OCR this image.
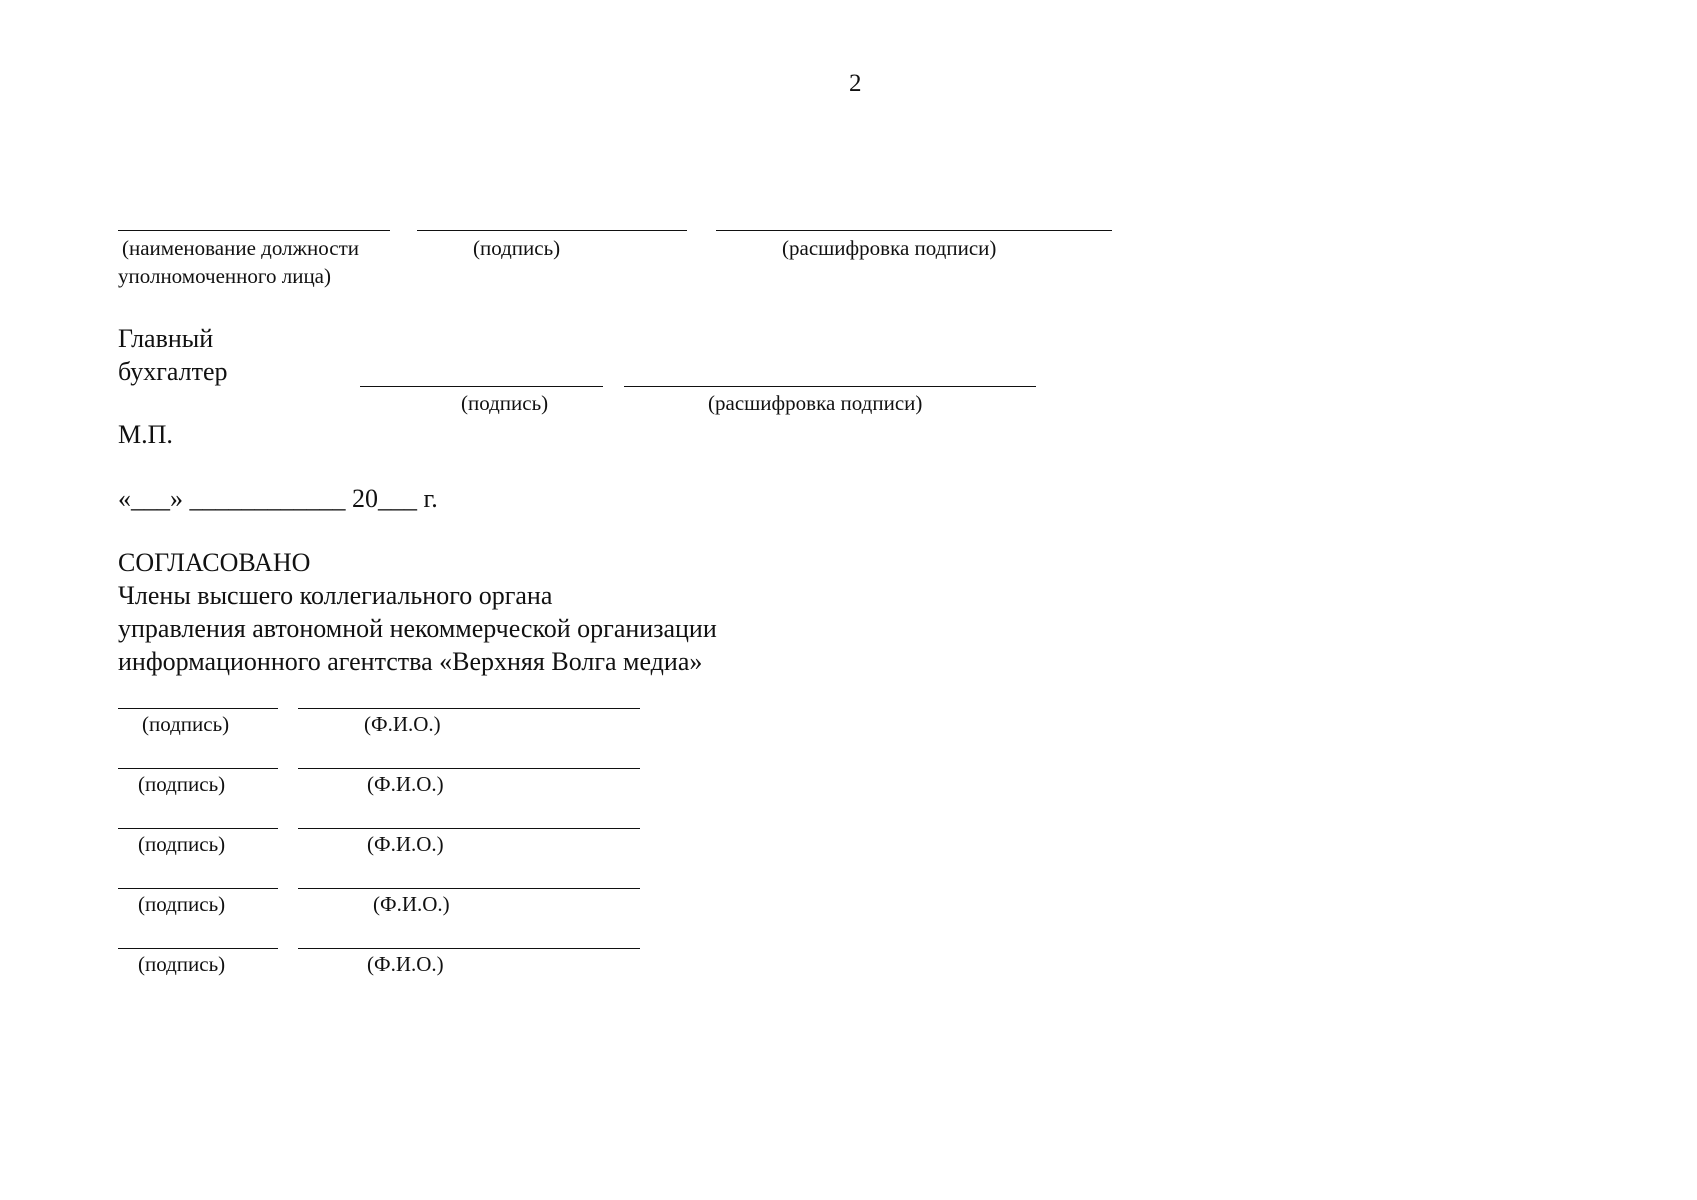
2
(наименование должности
уполномоченного лица)
(подпись)	(расшифровка подписи)
Главный
бухгалтер
(подпись)	(расшифровка подписи)
М.П.
«___» ____________ 20___ г.
СОГЛАСОВАНО
Члены высшего коллегиального органа
управления автономной некоммерческой организации
информационного агентства «Верхняя Волга медиа»
(подпись)	(Ф.И.О.)
(подпись)	(Ф.И.О.)
(подпись)	(Ф.И.О.)
(подпись)	(Ф.И.О.)
(подпись)	(Ф.И.О.)
